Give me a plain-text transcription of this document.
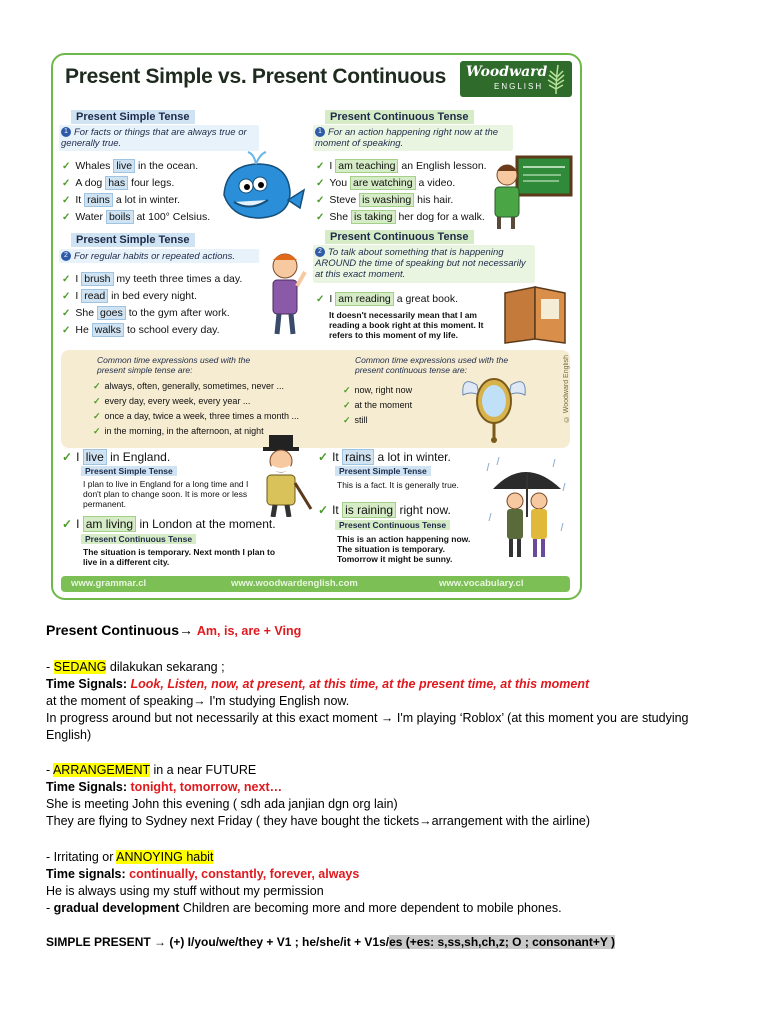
Present Simple vs. Present Continuous Woodward
ENGLISH
Present Simple Tense
1 For facts or things that are always true or generally true.
✓ Whales live in the ocean.
✓ A dog has four legs.
✓ It rains a lot in winter.
✓ Water boils at 100° Celsius.
Present Continuous Tense
1 For an action happening right now at the moment of speaking.
✓ I am teaching an English lesson.
✓ You are watching a video.
✓ Steve is washing his hair.
✓ She is taking her dog for a walk.
Present Simple Tense
2 For regular habits or repeated actions.
✓ I brush my teeth three times a day.
✓ I read in bed every night.
✓ She goes to the gym after work.
✓ He walks to school every day.
Present Continuous Tense
2 To talk about something that is happening AROUND the time of speaking but not necessarily at this exact moment.
✓ I am reading a great book.
It doesn't necessarily mean that I am reading a book right at this moment. It refers to this moment of my life.
Common time expressions used with the present simple tense are:
✓ always, often, generally, sometimes, never ...
✓ every day, every week, every year ...
✓ once a day, twice a week, three times a month ...
✓ in the morning, in the afternoon, at night
Common time expressions used with the present continuous tense are:
✓ now, right now
✓ at the moment
✓ still	© Woodward English
✓ I live in England.
Present Simple Tense
I plan to live in England for a long time and I don't plan to change soon. It is more or less permanent.
✓ I am living in London at the moment.
Present Continuous Tense
The situation is temporary. Next month I plan to live in a different city.
✓ It rains a lot in winter.
Present Simple Tense
This is a fact. It is generally true.
✓ It is raining right now.
Present Continuous Tense
This is an action happening now. The situation is temporary. Tomorrow it might be sunny.
www.grammar.cl	www.woodwardenglish.com	www.vocabulary.cl
Present Continuous→ Am, is, are + Ving
- SEDANG dilakukan sekarang ;
Time Signals: Look, Listen, now, at present, at this time, at the present time, at this moment
at the moment of speaking→ I'm studying English now.
In progress around but not necessarily at this exact moment → I'm playing ‘Roblox’ (at this moment you are studying English)
- ARRANGEMENT in a near FUTURE
Time Signals: tonight, tomorrow, next…
She is meeting John this evening ( sdh ada janjian dgn org lain)
They are flying to Sydney next Friday ( they have bought the tickets→arrangement with the airline)
- Irritating or ANNOYING habit
Time signals: continually, constantly, forever, always
He is always using my stuff without my permission
- gradual development Children are becoming more and more dependent to mobile phones.
SIMPLE PRESENT → (+) I/you/we/they + V1 ; he/she/it + V1s/es (+es: s,ss,sh,ch,z; O ; consonant+Y )
